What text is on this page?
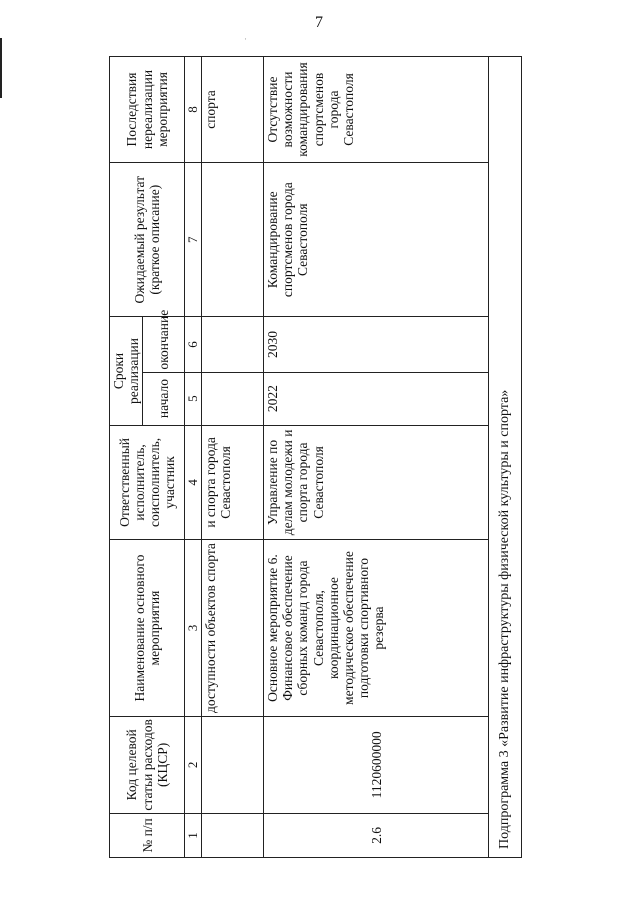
7
·
№ п/п	Код целевой статьи расходов (КЦСР)	Наименование основного мероприятия	Ответственный исполнитель, соисполнитель, участник	Сроки реализации		Ожидаемый результат (краткое описание)	Последствия нереализации мероприятия
				начало	окончание		
1	2	3	4	5	6	7	8
		доступности объектов спорта	и спорта города Севастополя				спорта
2.6	1120600000	Основное мероприятие 6. Финансовое обеспечение сборных команд города Севастополя, координационное методическое обеспечение подготовки спортивного резерва	Управление по делам молодежи и спорта города Севастополя	2022	2030	Командирование спортсменов города Севастополя	Отсутствие возможности командирования спортсменов города Севастополя
Подпрограмма 3 «Развитие инфраструктуры физической культуры и спорта»							
